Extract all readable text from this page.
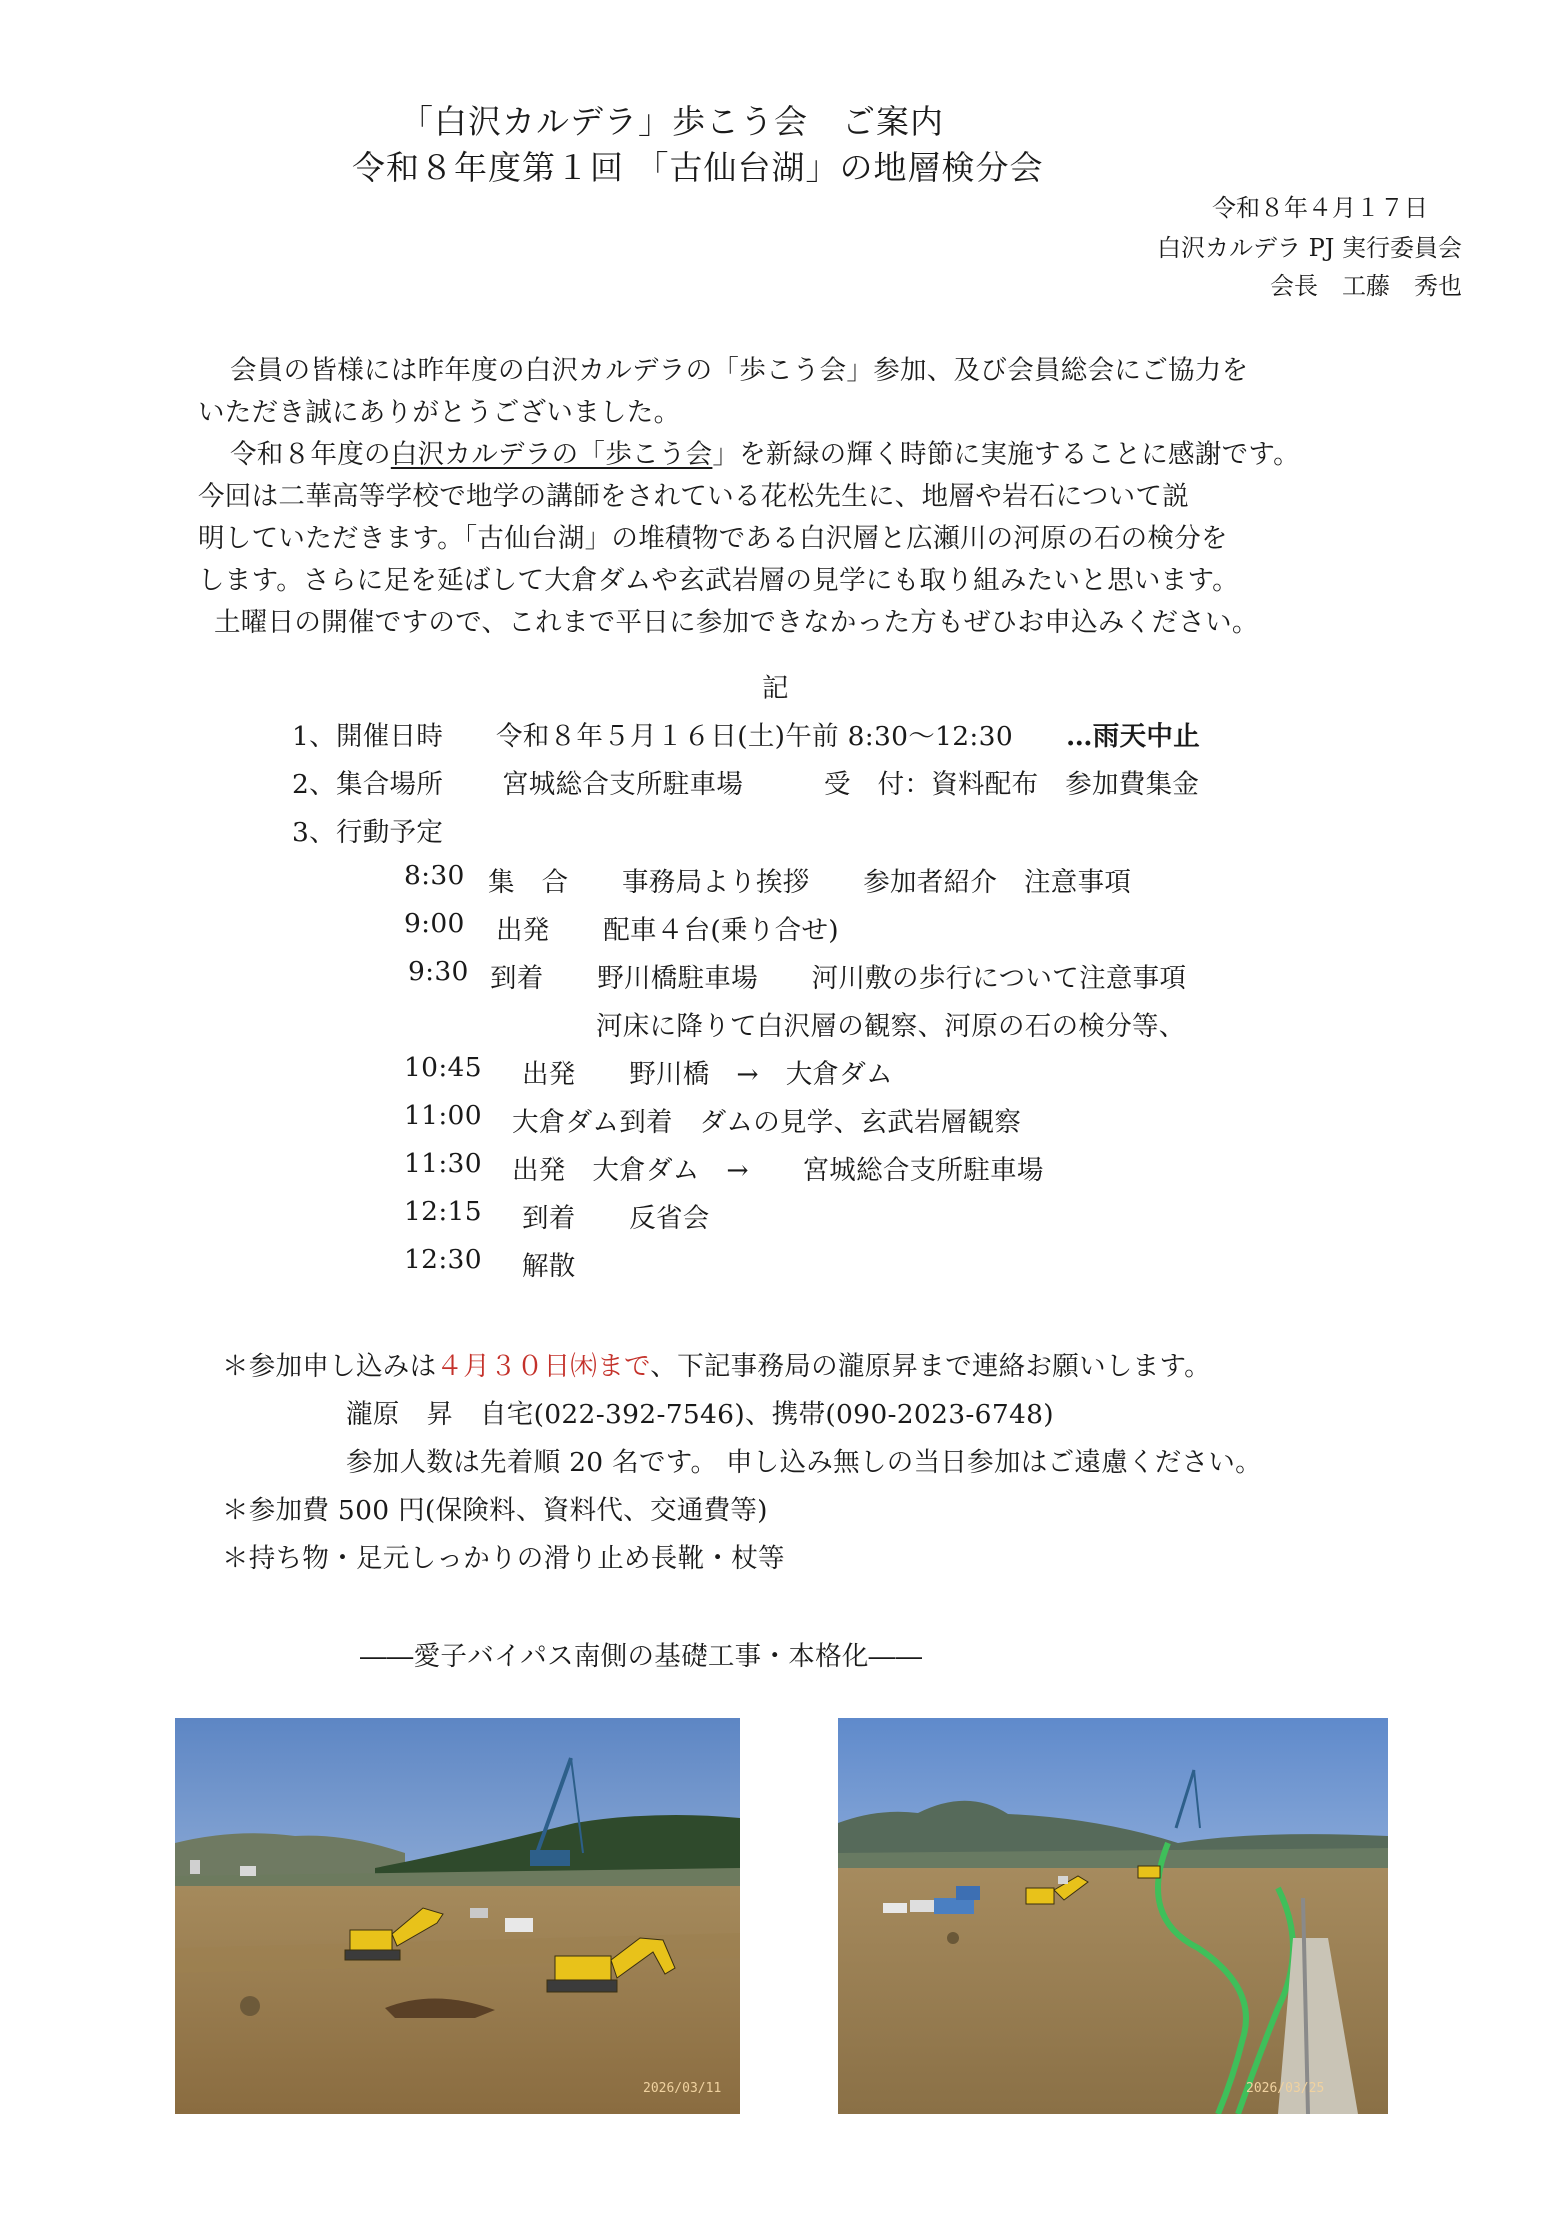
「白沢カルデラ」歩こう会　ご案内
令和８年度第１回 「古仙台湖」の地層検分会
令和８年４月１７日
白沢カルデラ PJ 実行委員会
会長　工藤　秀也
会員の皆様には昨年度の白沢カルデラの「歩こう会」参加、及び会員総会にご協力を
いただき誠にありがとうございました。
令和８年度の白沢カルデラの「歩こう会」を新緑の輝く時節に実施することに感謝です。
今回は二華高等学校で地学の講師をされている花松先生に、地層や岩石について説
明していただきます。「古仙台湖」の堆積物である白沢層と広瀬川の河原の石の検分を
します。さらに足を延ばして大倉ダムや玄武岩層の見学にも取り組みたいと思います。
土曜日の開催ですので、これまで平日に参加できなかった方もぜひお申込みください。
記
1、開催日時 令和８年５月１６日(土)午前 8:30～12:30 …雨天中止
2、集合場所 宮城総合支所駐車場	受　付：資料配布　参加費集金
3、行動予定
8:30 集　合　　事務局より挨拶　　参加者紹介　注意事項
9:00 出発　　配車４台(乗り合せ)
9:30 到着　　野川橋駐車場　　河川敷の歩行について注意事項
河床に降りて白沢層の観察、河原の石の検分等、
10:45 出発　　野川橋　→　大倉ダム
11:00 大倉ダム到着　ダムの見学、玄武岩層観察
11:30 出発　大倉ダム　→　　宮城総合支所駐車場
12:15 到着　　反省会
12:30 解散
＊参加申し込みは４月３０日㈭まで、下記事務局の瀧原昇まで連絡お願いします。
瀧原　昇　自宅(022-392-7546)、携帯(090-2023-6748)
参加人数は先着順 20 名です。 申し込み無しの当日参加はご遠慮ください。
＊参加費 500 円(保険料、資料代、交通費等)
＊持ち物・足元しっかりの滑り止め長靴・杖等
――愛子バイパス南側の基礎工事・本格化――
2026/03/11	2026/03/25
